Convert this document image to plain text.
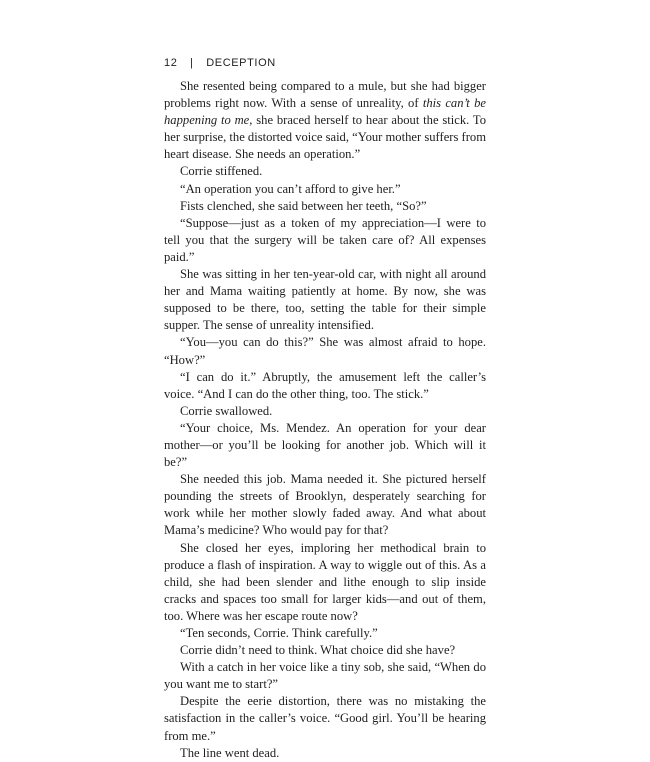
12 | DECEPTION

She resented being compared to a mule, but she had bigger problems right now. With a sense of unreality, of this can’t be happening to me, she braced herself to hear about the stick. To her surprise, the distorted voice said, “Your mother suffers from heart disease. She needs an operation.”

Corrie stiffened.

“An operation you can’t afford to give her.”

Fists clenched, she said between her teeth, “So?”

“Suppose—just as a token of my appreciation—I were to tell you that the surgery will be taken care of? All expenses paid.”

She was sitting in her ten-year-old car, with night all around her and Mama waiting patiently at home. By now, she was supposed to be there, too, setting the table for their simple supper. The sense of unreality intensified.

“You—you can do this?” She was almost afraid to hope. “How?”

“I can do it.” Abruptly, the amusement left the caller’s voice. “And I can do the other thing, too. The stick.”

Corrie swallowed.

“Your choice, Ms. Mendez. An operation for your dear mother—or you’ll be looking for another job. Which will it be?”

She needed this job. Mama needed it. She pictured herself pounding the streets of Brooklyn, desperately searching for work while her mother slowly faded away. And what about Mama’s medicine? Who would pay for that?

She closed her eyes, imploring her methodical brain to produce a flash of inspiration. A way to wiggle out of this. As a child, she had been slender and lithe enough to slip inside cracks and spaces too small for larger kids—and out of them, too. Where was her escape route now?

“Ten seconds, Corrie. Think carefully.”

Corrie didn’t need to think. What choice did she have?

With a catch in her voice like a tiny sob, she said, “When do you want me to start?”

Despite the eerie distortion, there was no mistaking the satisfaction in the caller’s voice. “Good girl. You’ll be hearing from me.”

The line went dead.
